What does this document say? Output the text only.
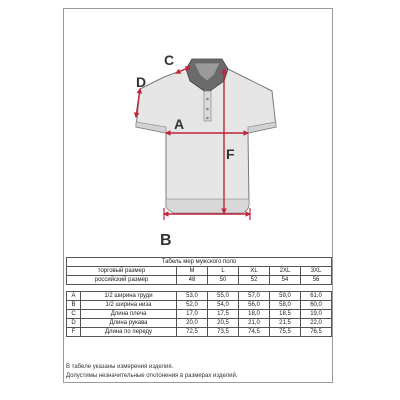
A
B
C
D
F
Табель мер мужского поло						
торговый размер		M	L	XL	2XL	3XL
российский размер		48	50	52	54	56

A	1/2 ширина груди	53,0	55,0	57,0	59,0	61,0
B	1/2 ширина низа	52,0	54,0	56,0	58,0	60,0
C	Длина плеча	17,0	17,5	18,0	18,5	19,0
D	Длина рукава	20,0	20,5	21,0	21,5	22,0
F	Длина по переду	72,5	73,5	74,5	75,5	76,5
В табеле указаны измерения изделия.
Допустимы незначительные отклонения в размерах изделий.
